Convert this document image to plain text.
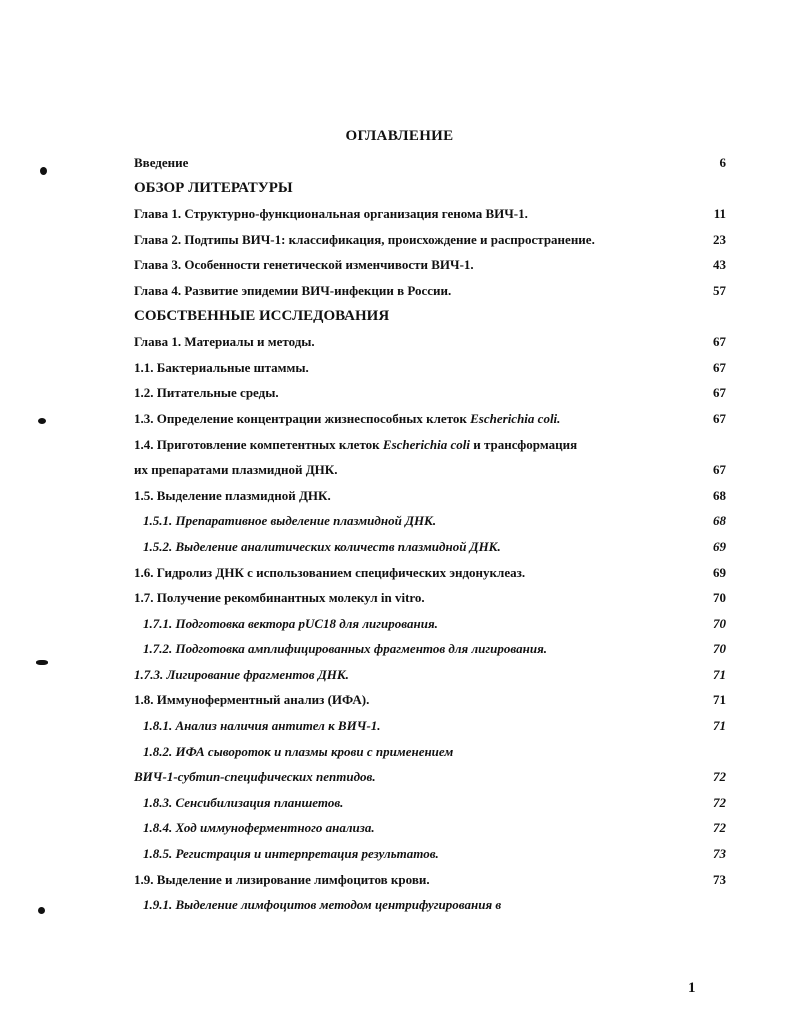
ОГЛАВЛЕНИЕ
Введение	6
ОБЗОР ЛИТЕРАТУРЫ
Глава 1. Структурно-функциональная организация генома ВИЧ-1.	11
Глава 2. Подтипы ВИЧ-1: классификация, происхождение и распространение.	23
Глава 3. Особенности генетической изменчивости ВИЧ-1.	43
Глава 4. Развитие эпидемии ВИЧ-инфекции в России.	57
СОБСТВЕННЫЕ ИССЛЕДОВАНИЯ
Глава 1. Материалы и методы.	67
1.1. Бактериальные штаммы.	67
1.2. Питательные среды.	67
1.3. Определение концентрации жизнеспособных клеток Escherichia coli.	67
1.4. Приготовление компетентных клеток Escherichia coli и трансформация
их препаратами плазмидной ДНК.	67
1.5. Выделение плазмидной ДНК.	68
1.5.1. Препаративное выделение плазмидной ДНК.	68
1.5.2. Выделение аналитических количеств плазмидной ДНК.	69
1.6. Гидролиз ДНК с использованием специфических эндонуклеаз.	69
1.7. Получение рекомбинантных молекул in vitro.	70
1.7.1. Подготовка вектора pUC18 для лигирования.	70
1.7.2. Подготовка амплифицированных фрагментов для лигирования.	70
1.7.3. Лигирование фрагментов ДНК.	71
1.8. Иммуноферментный анализ (ИФА).	71
1.8.1. Анализ наличия антител к ВИЧ-1.	71
1.8.2. ИФА сывороток и плазмы крови с применением
ВИЧ-1-субтип-специфических пептидов.	72
1.8.3. Сенсибилизация планшетов.	72
1.8.4. Ход иммуноферментного анализа.	72
1.8.5. Регистрация и интерпретация результатов.	73
1.9. Выделение и лизирование лимфоцитов крови.	73
1.9.1. Выделение лимфоцитов методом центрифугирования в
1
